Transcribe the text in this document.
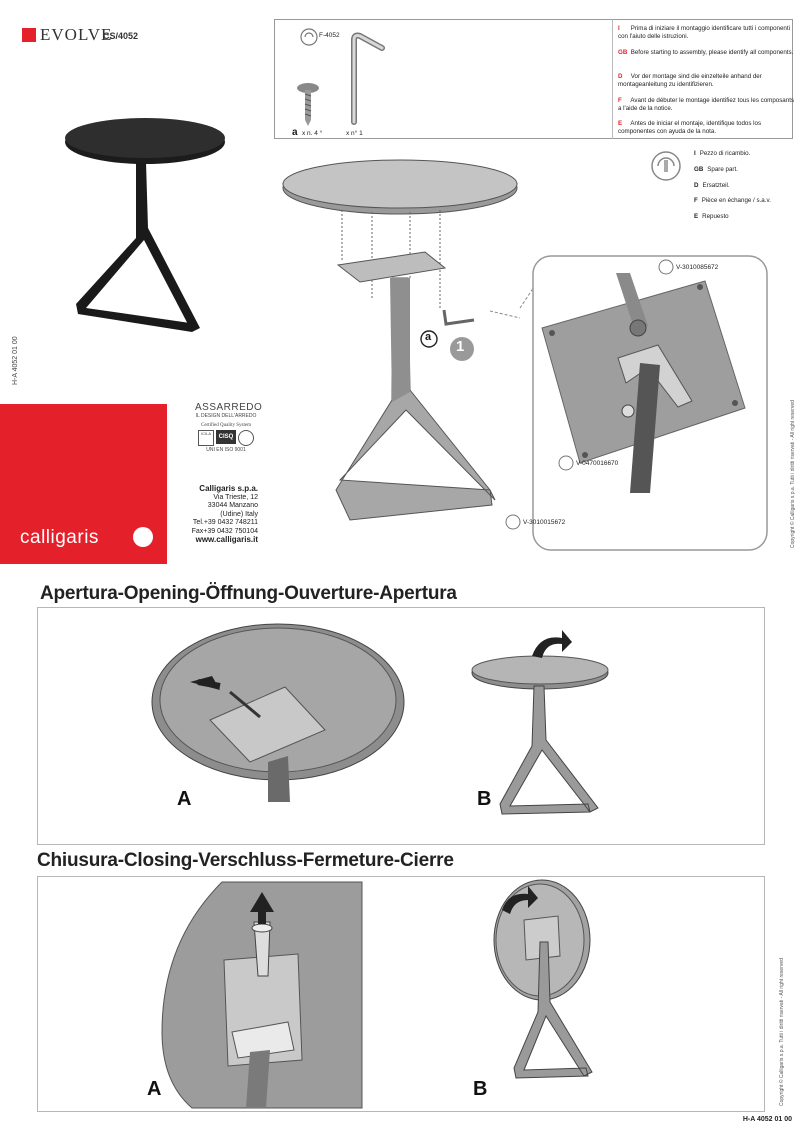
EVOLVE
CS/4052
H-A 4052 01 00
F-4052
a x n. 4 °	x n° 1
I Prima di iniziare il montaggio identificare tutti i componenti con l'aiuto delle istruzioni.
GB Before starting to assembly, please identify all components.
D Vor der montage sind die einzelteile anhand der montageanleitung zu identifizieren.
F Avant de débuter le montage identifiez tous les composants a l'aide de la notice.
E Antes de iniciar el montaje, identifique todos los componentes con ayuda de la nota.
I Pezzo di ricambio.
GB Spare part.
D Ersatzteil.
F Pièce en échange / s.a.v.
E Repuesto
a
1
V-3010085672
V-0470016670
V-3010015672
calligaris
ASSARREDO
IL DESIGN DELL'ARREDO
Certified Quality System
ICILA
CISQ
UNI EN ISO 9001
Calligaris s.p.a.
Via Trieste, 12
33044 Manzano
(Udine) Italy
Tel.+39 0432 748211
Fax+39 0432 750104
www.calligaris.it	Copyright © Calligaris s.p.a. Tutti i diritti riservati - All right reserved
Apertura-Opening-Öffnung-Ouverture-Apertura
A	B
Chiusura-Closing-Verschluss-Fermeture-Cierre
A	B	Copyright © Calligaris s.p.a. Tutti i diritti riservati - All right reserved
H-A 4052 01 00
